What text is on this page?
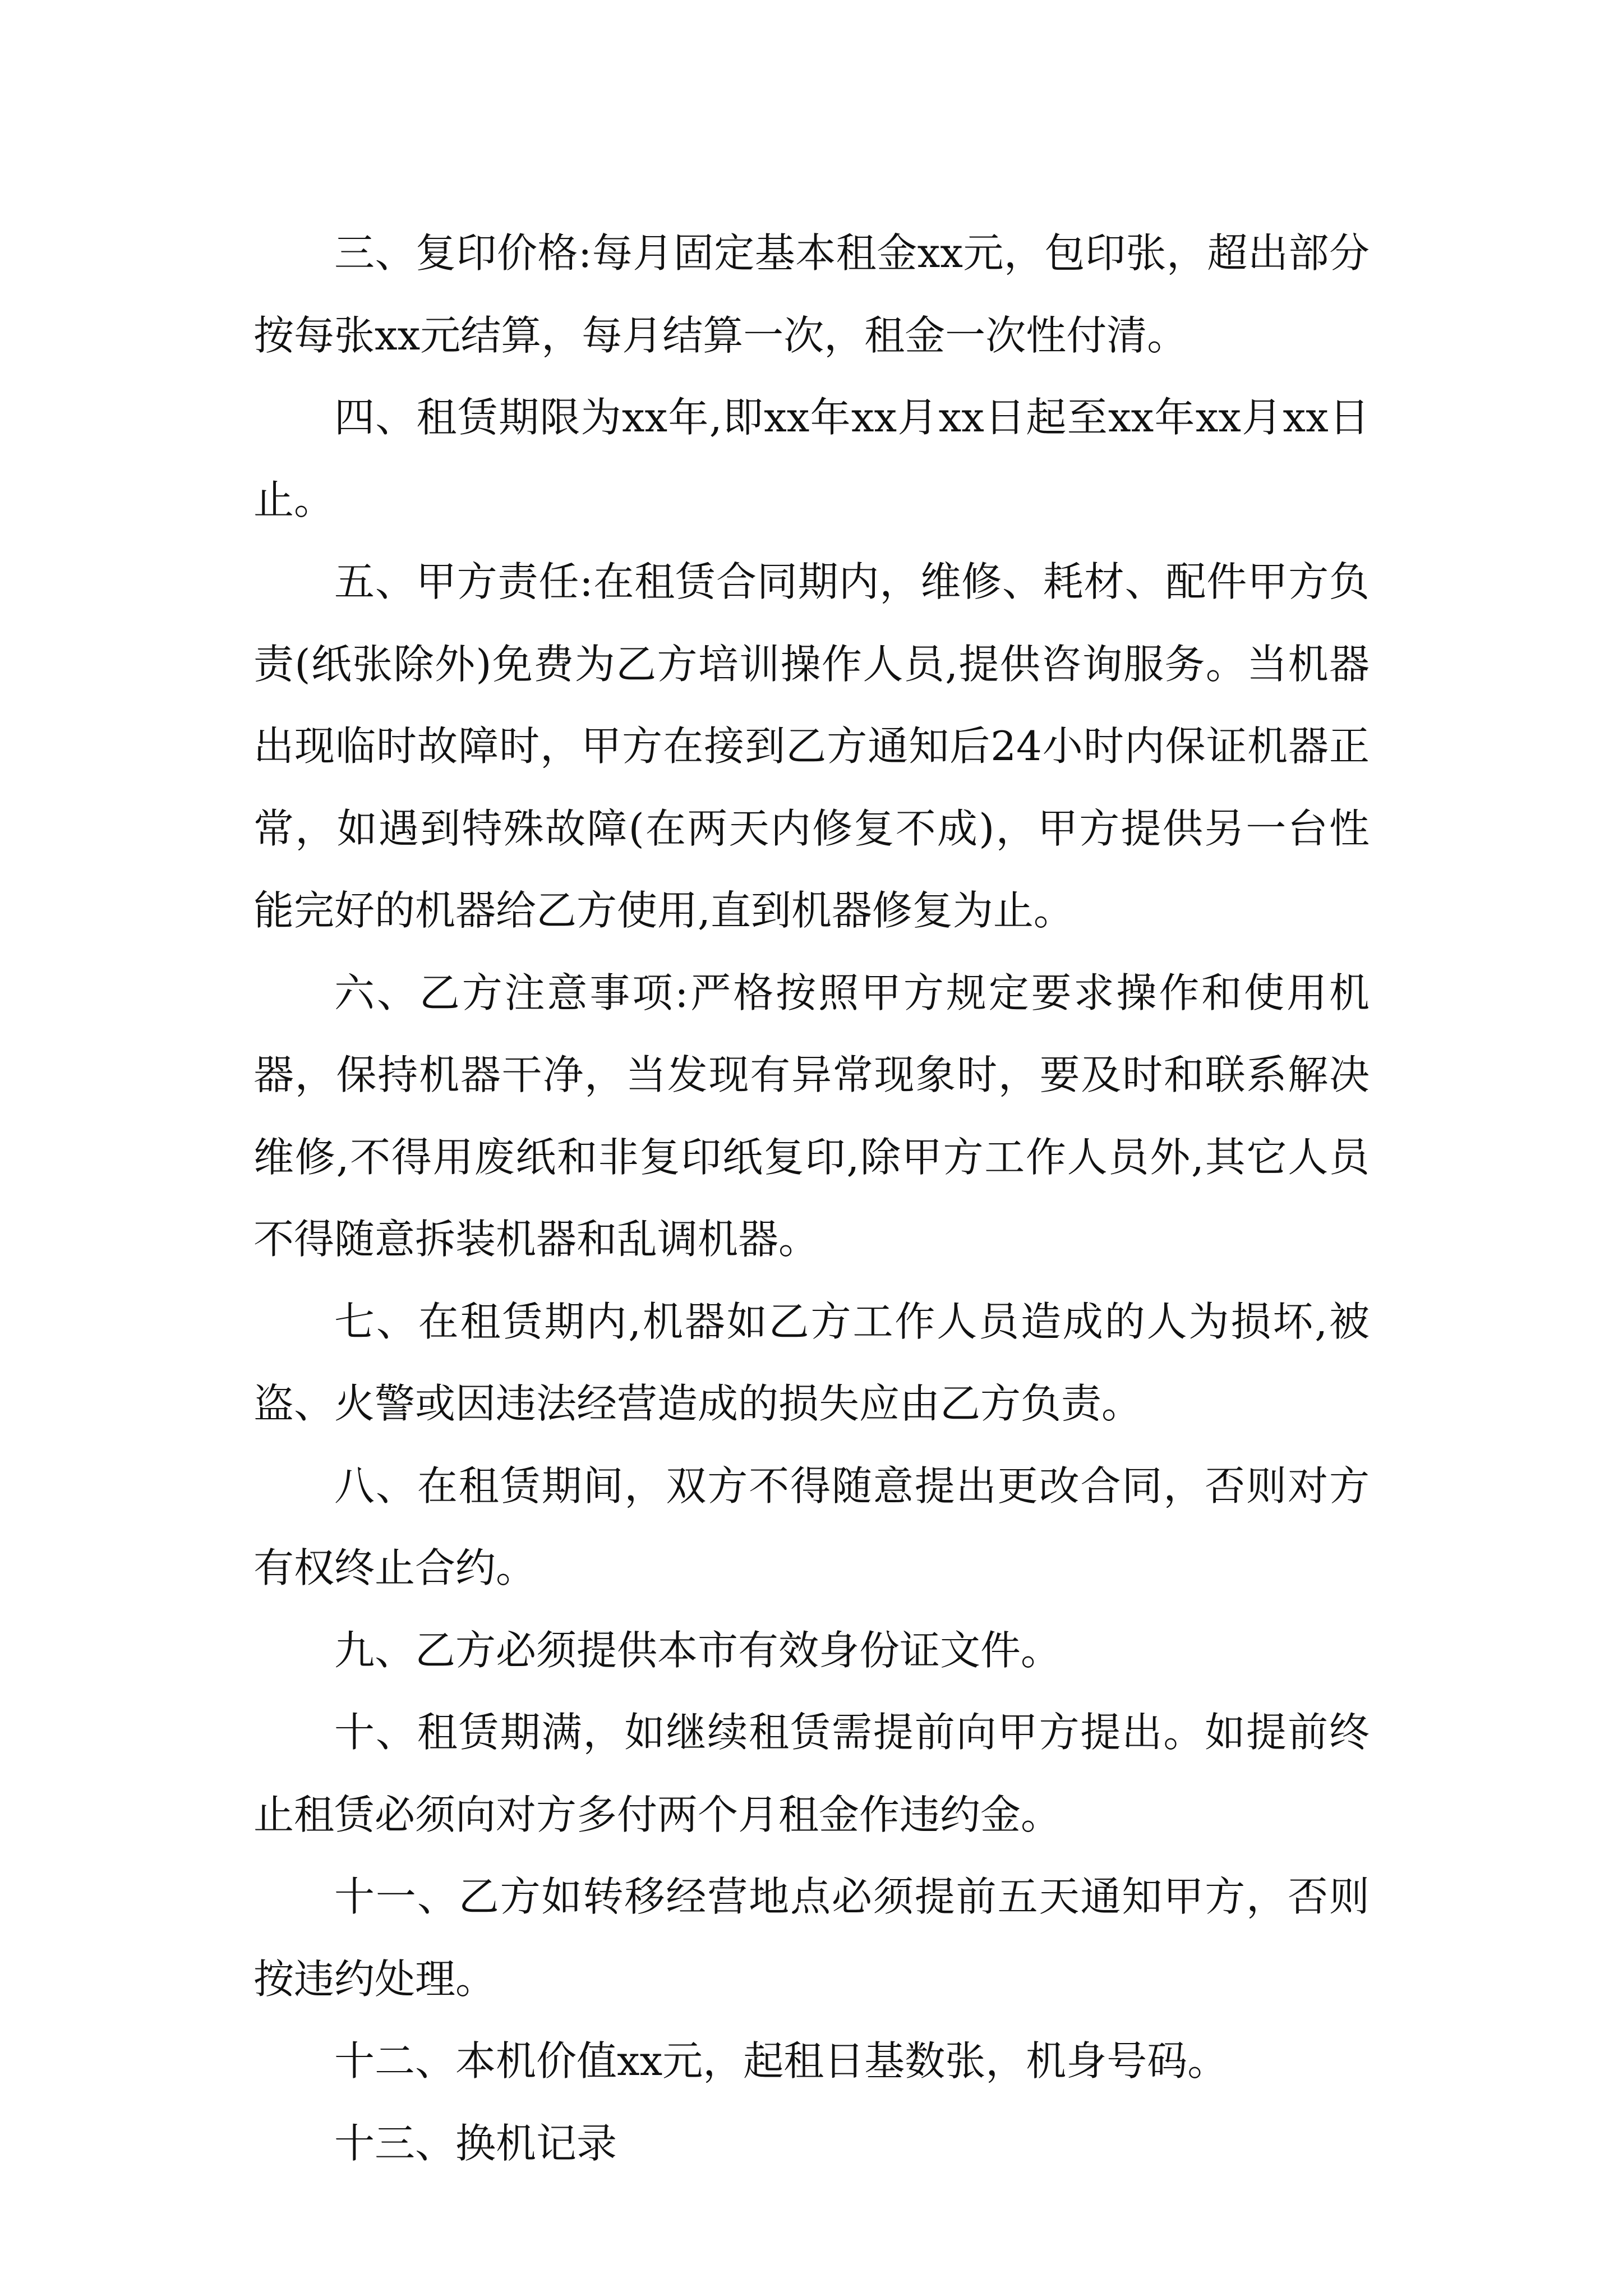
三、复印价格:每月固定基本租金xx元，包印张，超出部分按每张xx元结算，每月结算一次，租金一次性付清。

四、租赁期限为xx年,即xx年xx月xx日起至xx年xx月xx日止。

五、甲方责任:在租赁合同期内，维修、耗材、配件甲方负责(纸张除外)免费为乙方培训操作人员,提供咨询服务。当机器出现临时故障时，甲方在接到乙方通知后24小时内保证机器正常，如遇到特殊故障(在两天内修复不成)，甲方提供另一台性能完好的机器给乙方使用,直到机器修复为止。

六、乙方注意事项:严格按照甲方规定要求操作和使用机器，保持机器干净，当发现有异常现象时，要及时和联系解决维修,不得用废纸和非复印纸复印,除甲方工作人员外,其它人员不得随意拆装机器和乱调机器。

七、在租赁期内,机器如乙方工作人员造成的人为损坏,被盗、火警或因违法经营造成的损失应由乙方负责。

八、在租赁期间，双方不得随意提出更改合同，否则对方有权终止合约。

九、乙方必须提供本市有效身份证文件。

十、租赁期满，如继续租赁需提前向甲方提出。如提前终止租赁必须向对方多付两个月租金作违约金。

十一、乙方如转移经营地点必须提前五天通知甲方，否则按违约处理。

十二、本机价值xx元，起租日基数张，机身号码。

十三、换机记录
